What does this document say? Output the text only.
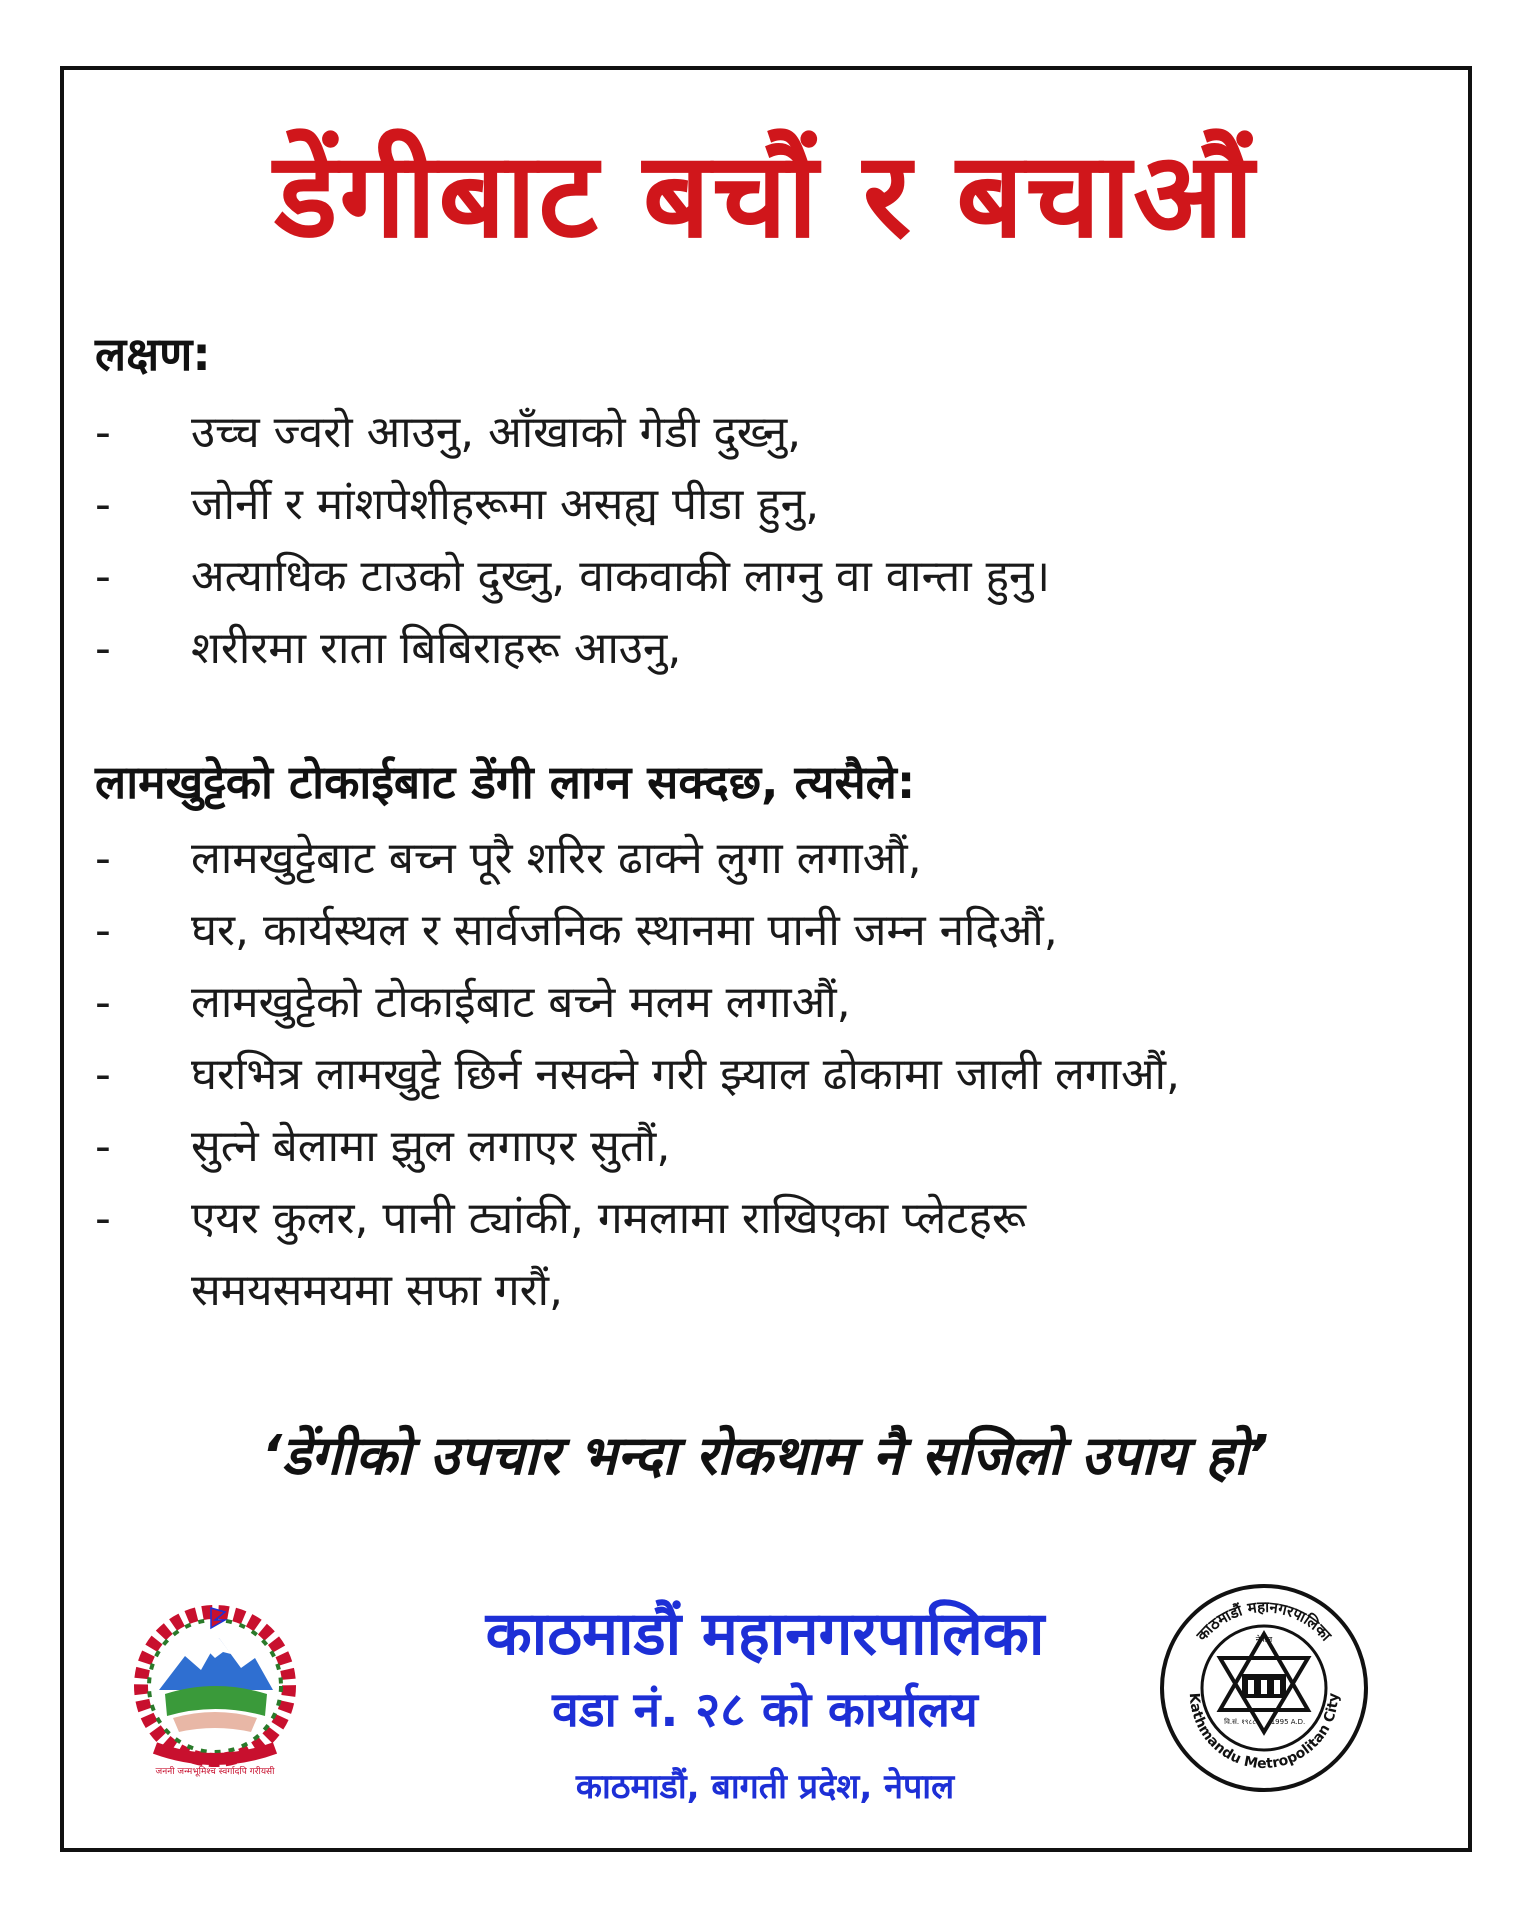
डेंगीबाट बचौं र बचाऔं
लक्षण:
- उच्च ज्वरो आउनु, आँखाको गेडी दुख्नु,
- जोर्नी र मांशपेशीहरूमा असह्य पीडा हुनु,
- अत्याधिक टाउको दुख्नु, वाकवाकी लाग्नु वा वान्ता हुनु।
- शरीरमा राता बिबिराहरू आउनु,
लामखुट्टेको टोकाईबाट डेंगी लाग्न सक्दछ, त्यसैले:
- लामखुट्टेबाट बच्न पूरै शरिर ढाक्ने लुगा लगाऔं,
- घर, कार्यस्थल र सार्वजनिक स्थानमा पानी जम्न नदिऔं,
- लामखुट्टेको टोकाईबाट बच्ने मलम लगाऔं,
- घरभित्र लामखुट्टे छिर्न नसक्ने गरी झ्याल ढोकामा जाली लगाऔं,
- सुत्ने बेलामा झुल लगाएर सुतौं,
- एयर कुलर, पानी ट्यांकी, गमलामा राखिएका प्लेटहरू
समयसमयमा सफा गरौं,
‘डेंगीको उपचार भन्दा रोकथाम नै सजिलो उपाय हो’
जननी जन्मभूमिश्च स्वर्गादपि गरीयसी
काठमाडौं महानगरपालिका
वडा नं. २८ को कार्यालय
काठमाडौं, बागती प्रदेश, नेपाल
काठमाडौं महानगरपालिका
Kathmandu Metropolitan City
नेपाल
वि.सं. १९८८ 1995 A.D.
